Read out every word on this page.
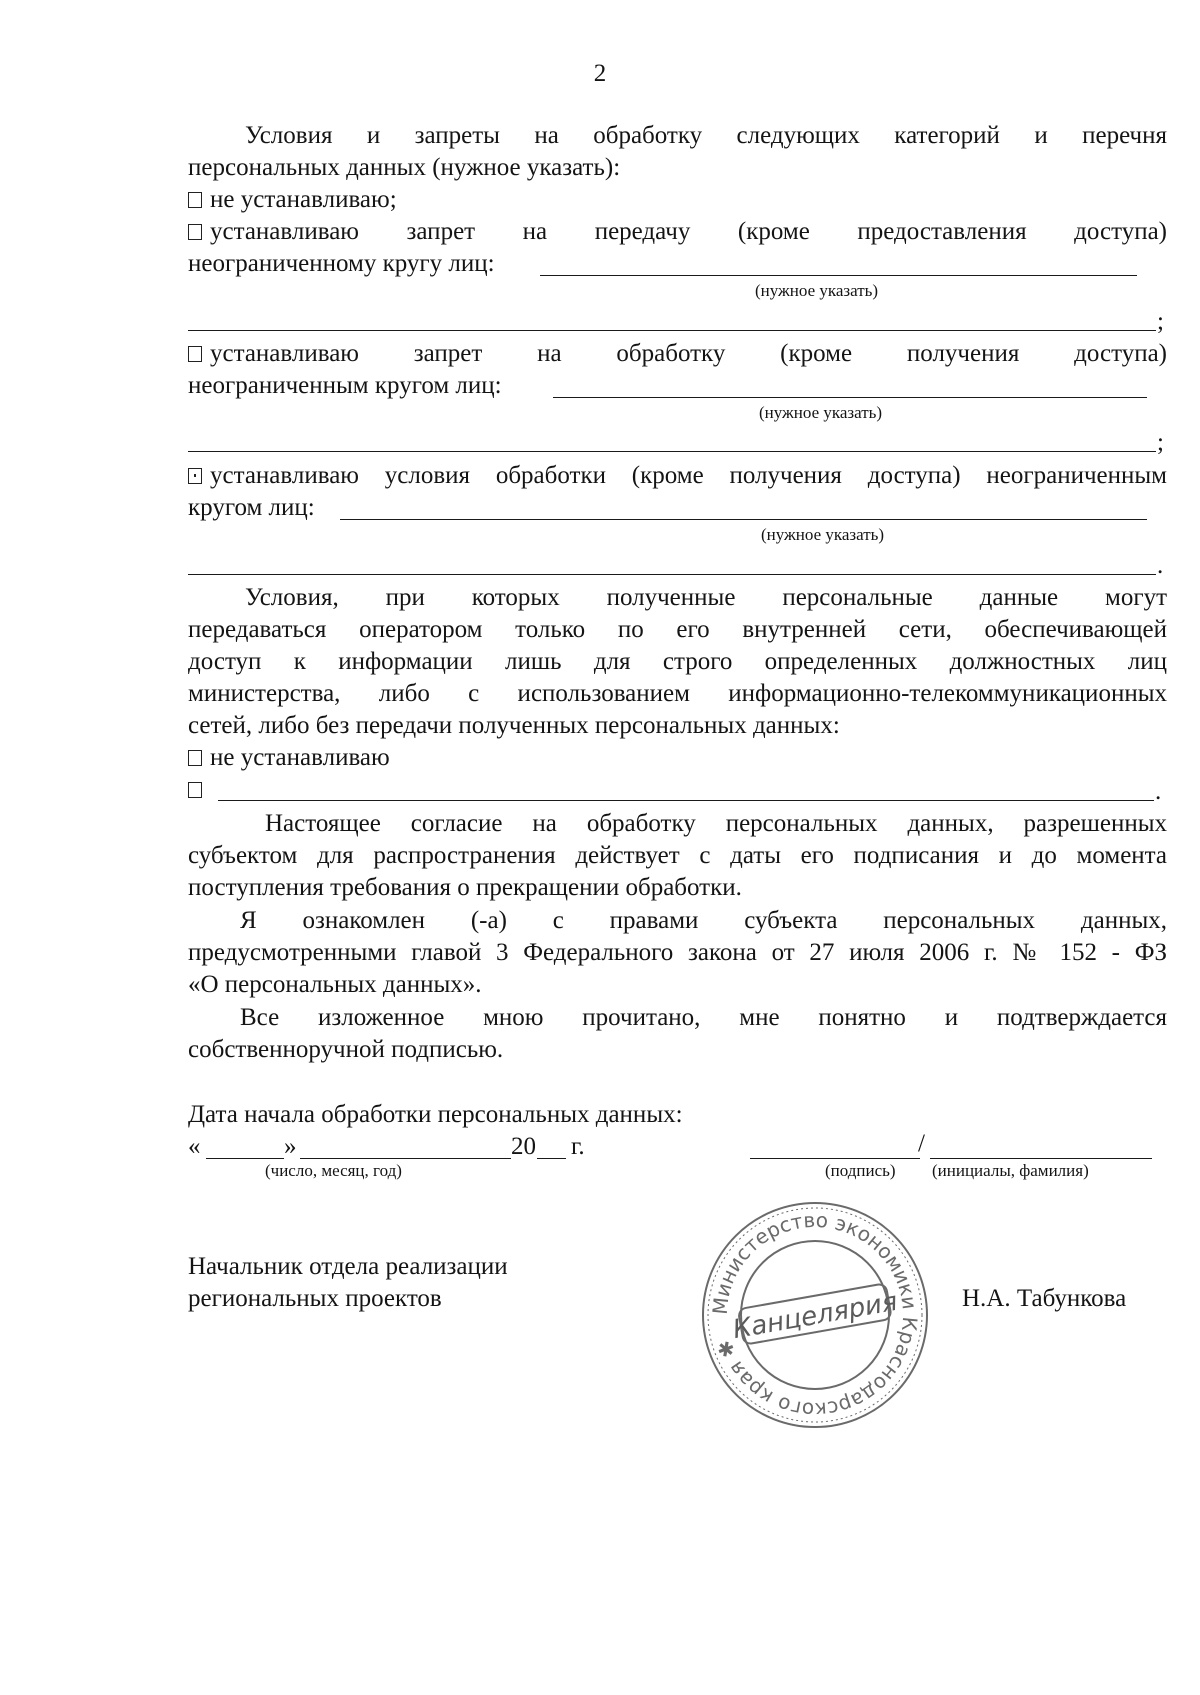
2
Условия и запреты на обработку следующих категорий и перечня
персональных данных (нужное указать):
не устанавливаю;
устанавливаю запрет на передачу (кроме предоставления доступа)
неограниченному кругу лиц:
(нужное указать)
;
устанавливаю запрет на обработку (кроме получения доступа)
неограниченным кругом лиц:
(нужное указать)
;
устанавливаю условия обработки (кроме получения доступа) неограниченным
кругом лиц:
(нужное указать)
.
Условия, при которых полученные персональные данные могут
передаваться оператором только по его внутренней сети, обеспечивающей
доступ к информации лишь для строго определенных должностных лиц
министерства, либо с использованием информационно-телекоммуникационных
сетей, либо без передачи полученных персональных данных:
не устанавливаю
.
Настоящее согласие на обработку персональных данных, разрешенных
субъектом для распространения действует с даты его подписания и до момента
поступления требования о прекращении обработки.
Я ознакомлен (-а) с правами субъекта персональных данных,
предусмотренными главой 3 Федерального закона от 27 июля 2006 г. № 152 - ФЗ
«О персональных данных».
Все изложенное мною прочитано, мне понятно и подтверждается
собственноручной подписью.
Дата начала обработки персональных данных:
«	»	20 г.
(число, месяц, год)
/
(подпись) (инициалы, фамилия)
Начальник отдела реализации
региональных проектов	Н.А. Табункова
Министерство экономики Краснодарского края ✱
Канцелярия
